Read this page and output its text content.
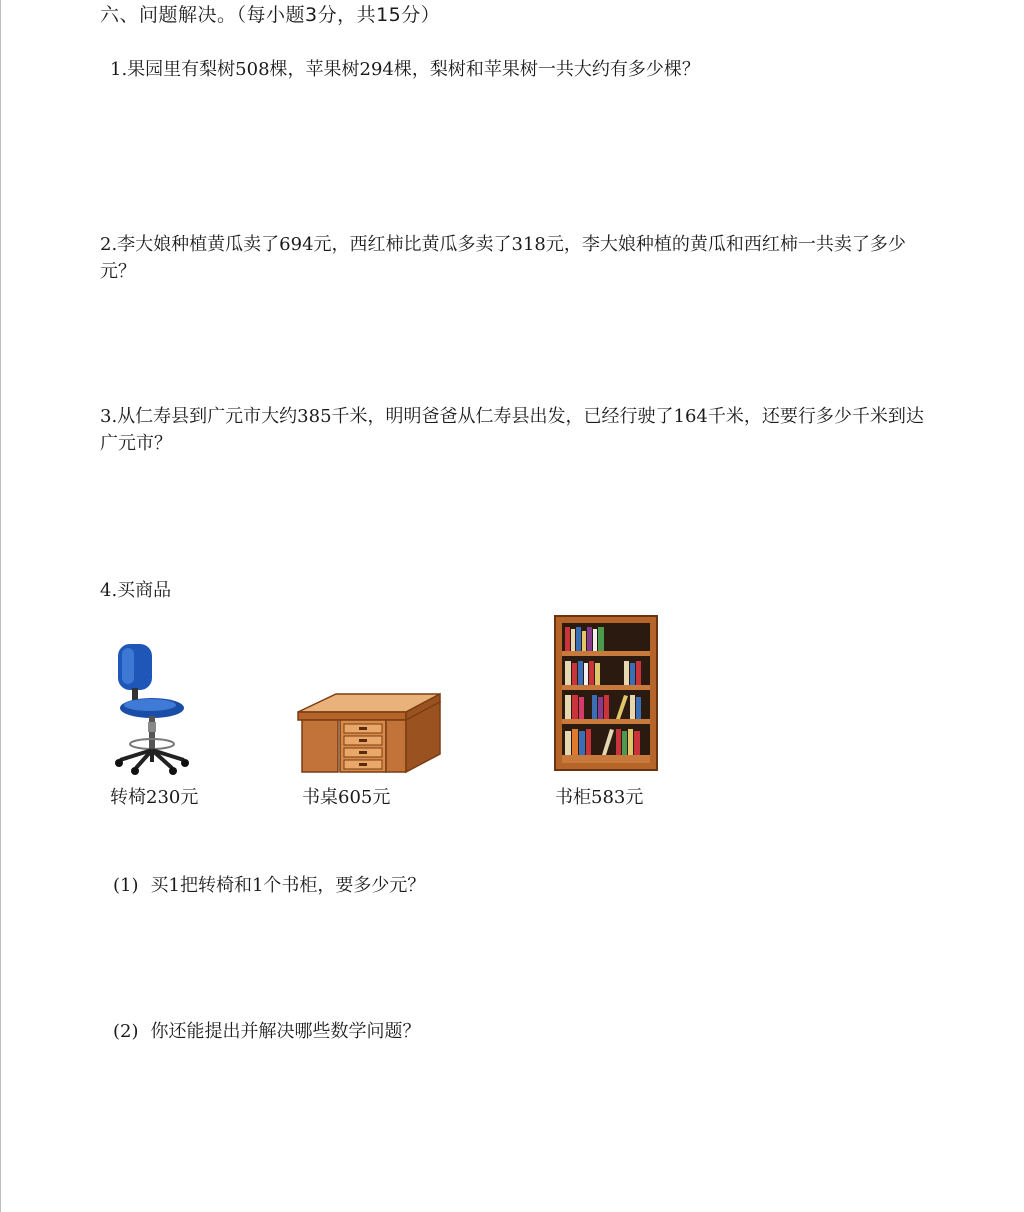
六、问题解决。（每小题3分，共15分）

1.果园里有梨树508棵，苹果树294棵，梨树和苹果树一共大约有多少棵？

2.李大娘种植黄瓜卖了694元，西红柿比黄瓜多卖了318元，李大娘种植的黄瓜和西红柿一共卖了多少元？

3.从仁寿县到广元市大约385千米，明明爸爸从仁寿县出发，已经行驶了164千米，还要行多少千米到达广元市？

4.买商品

转椅230元	书桌605元	书柜583元
(1) 买1把转椅和1个书柜，要多少元？
(2) 你还能提出并解决哪些数学问题？
